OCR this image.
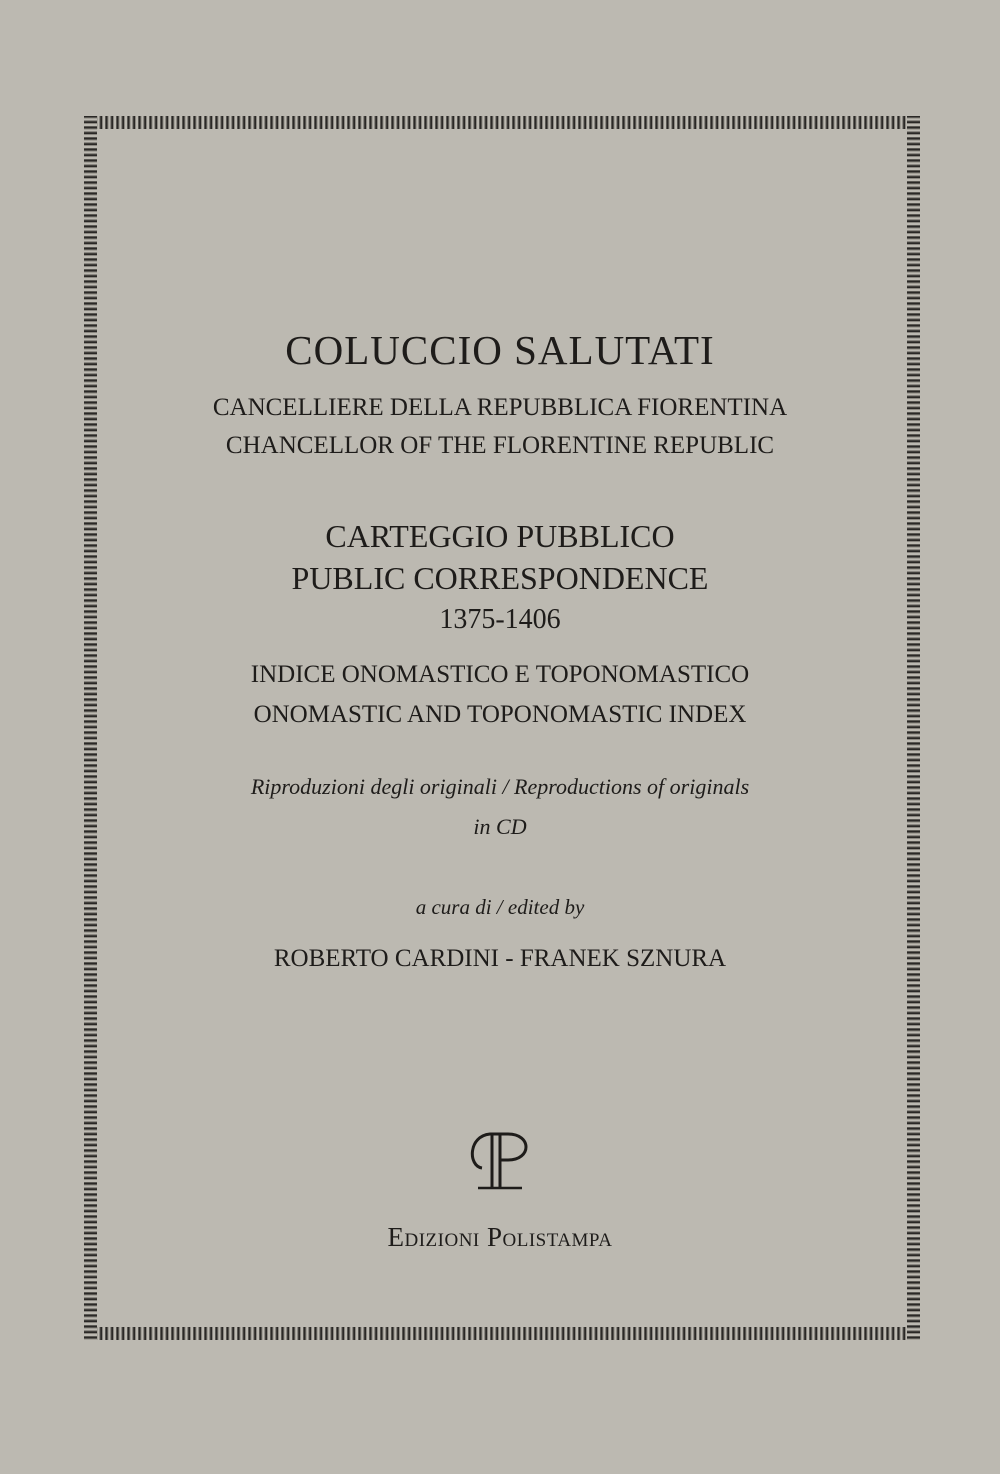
COLUCCIO SALUTATI
CANCELLIERE DELLA REPUBBLICA FIORENTINA
CHANCELLOR OF THE FLORENTINE REPUBLIC
CARTEGGIO PUBBLICO
PUBLIC CORRESPONDENCE
1375-1406
INDICE ONOMASTICO E TOPONOMASTICO
ONOMASTIC AND TOPONOMASTIC INDEX
Riproduzioni degli originali / Reproductions of originals
in CD
a cura di / edited by
ROBERTO CARDINI - FRANEK SZNURA
Edizioni Polistampa
